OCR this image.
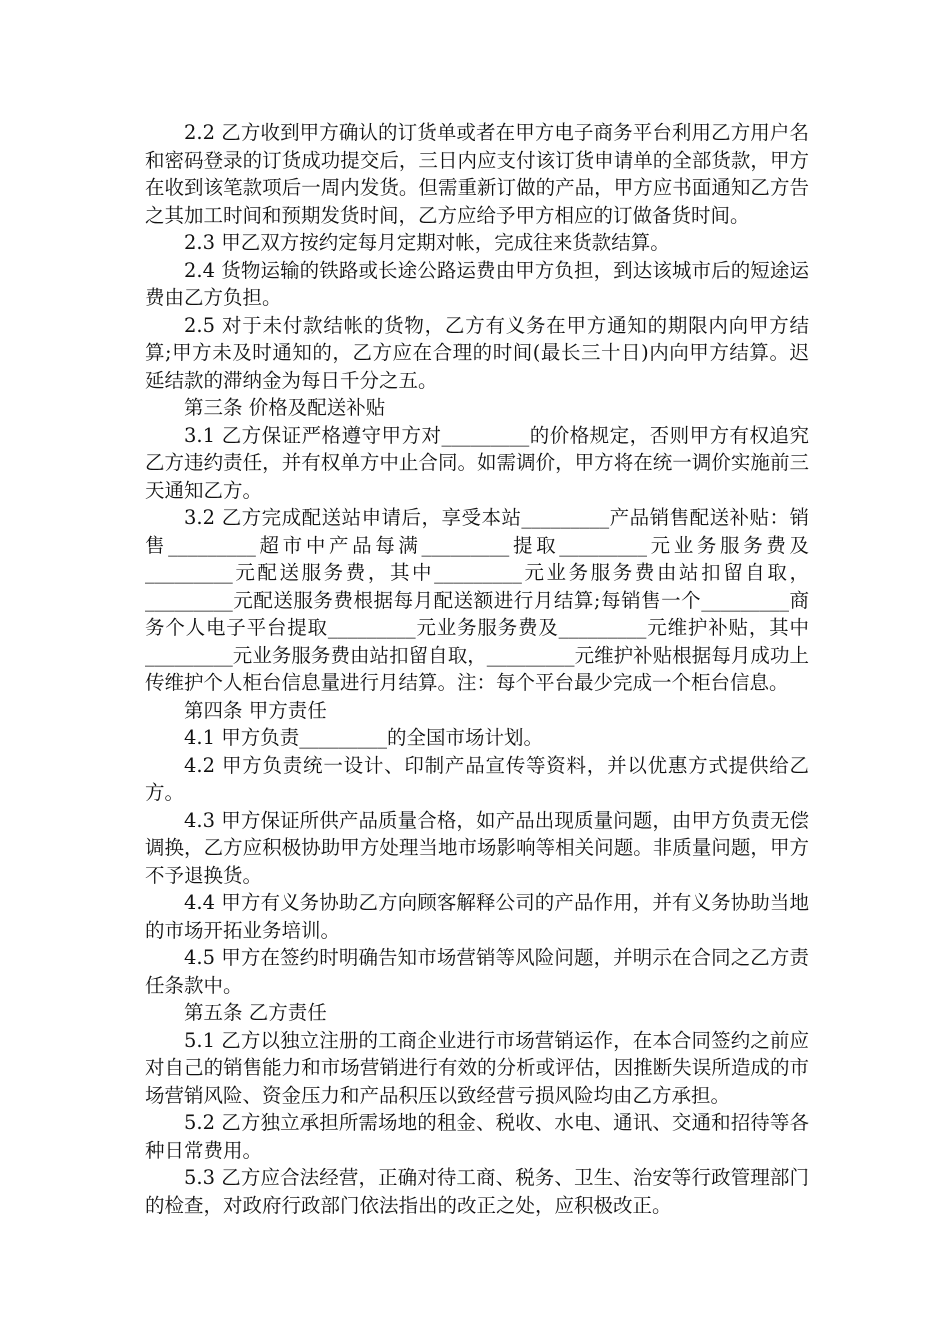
2.2 乙方收到甲方确认的订货单或者在甲方电子商务平台利用乙方用户名和密码登录的订货成功提交后，三日内应支付该订货申请单的全部货款，甲方在收到该笔款项后一周内发货。但需重新订做的产品，甲方应书面通知乙方告之其加工时间和预期发货时间，乙方应给予甲方相应的订做备货时间。

2.3 甲乙双方按约定每月定期对帐，完成往来货款结算。

2.4 货物运输的铁路或长途公路运费由甲方负担，到达该城市后的短途运费由乙方负担。

2.5 对于未付款结帐的货物，乙方有义务在甲方通知的期限内向甲方结算;甲方未及时通知的，乙方应在合理的时间(最长三十日)内向甲方结算。迟延结款的滞纳金为每日千分之五。

第三条 价格及配送补贴

3.1 乙方保证严格遵守甲方对_________的价格规定，否则甲方有权追究乙方违约责任，并有权单方中止合同。如需调价，甲方将在统一调价实施前三天通知乙方。

3.2 乙方完成配送站申请后，享受本站_________产品销售配送补贴：销售_________超市中产品每满_________提取_________元业务服务费及_________元配送服务费，其中_________元业务服务费由站扣留自取，_________元配送服务费根据每月配送额进行月结算;每销售一个_________商务个人电子平台提取_________元业务服务费及_________元维护补贴，其中_________元业务服务费由站扣留自取，_________元维护补贴根据每月成功上传维护个人柜台信息量进行月结算。注：每个平台最少完成一个柜台信息。

第四条 甲方责任

4.1 甲方负责_________的全国市场计划。

4.2 甲方负责统一设计、印制产品宣传等资料，并以优惠方式提供给乙方。

4.3 甲方保证所供产品质量合格，如产品出现质量问题，由甲方负责无偿调换，乙方应积极协助甲方处理当地市场影响等相关问题。非质量问题，甲方不予退换货。

4.4 甲方有义务协助乙方向顾客解释公司的产品作用，并有义务协助当地的市场开拓业务培训。

4.5 甲方在签约时明确告知市场营销等风险问题，并明示在合同之乙方责任条款中。

第五条 乙方责任

5.1 乙方以独立注册的工商企业进行市场营销运作，在本合同签约之前应对自己的销售能力和市场营销进行有效的分析或评估，因推断失误所造成的市场营销风险、资金压力和产品积压以致经营亏损风险均由乙方承担。

5.2 乙方独立承担所需场地的租金、税收、水电、通讯、交通和招待等各种日常费用。

5.3 乙方应合法经营，正确对待工商、税务、卫生、治安等行政管理部门的检查，对政府行政部门依法指出的改正之处，应积极改正。
